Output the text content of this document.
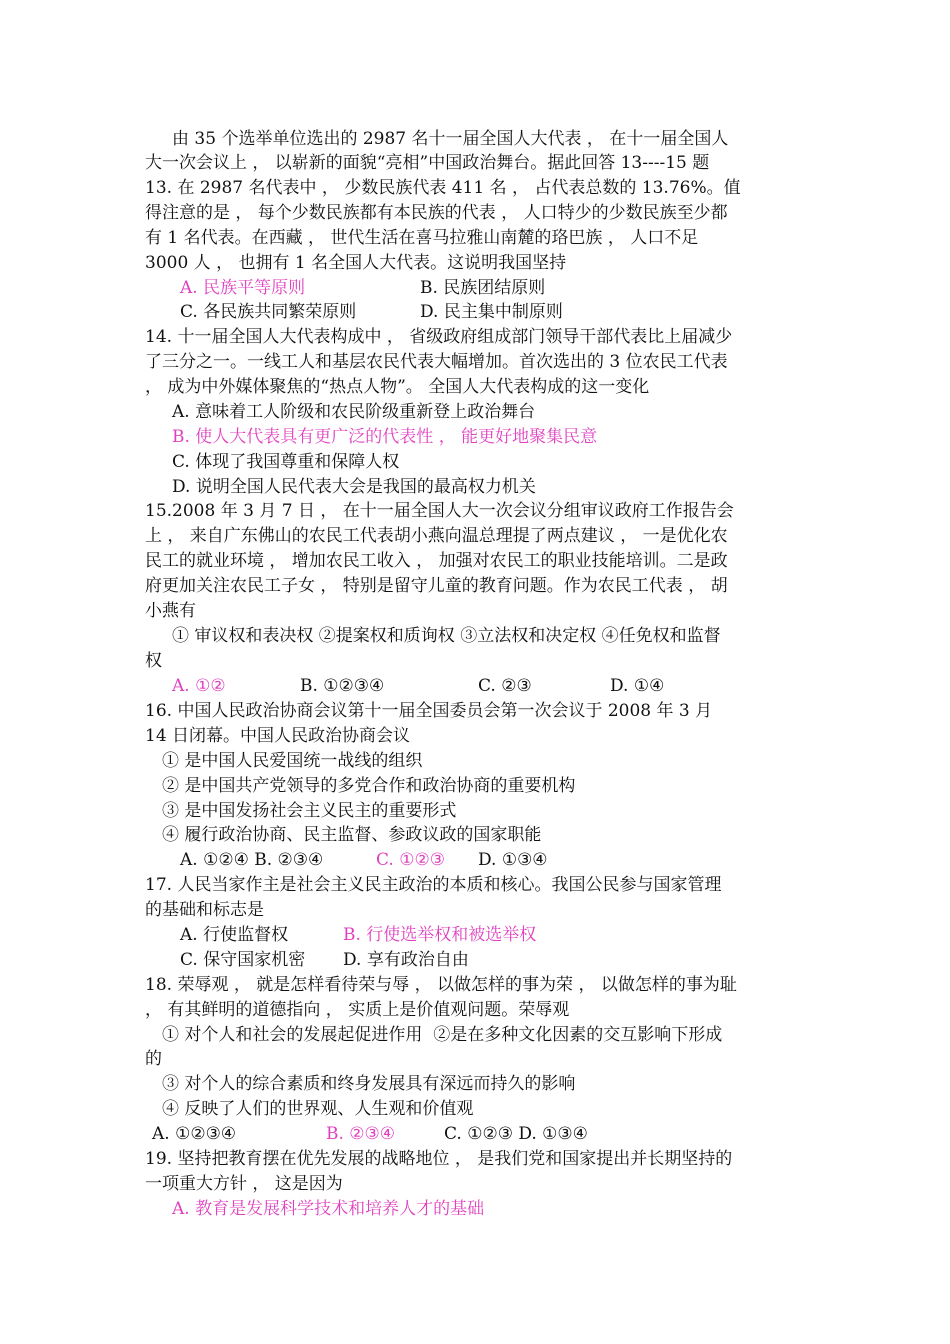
由 35 个选举单位选出的 2987 名十一届全国人大代表 ， 在十一届全国人
大一次会议上 ， 以崭新的面貌“亮相”中国政治舞台。据此回答 13----15 题
13. 在 2987 名代表中 ， 少数民族代表 411 名 ， 占代表总数的 13.76%。值
得注意的是 ， 每个少数民族都有本民族的代表 ， 人口特少的少数民族至少都
有 1 名代表。在西藏 ， 世代生活在喜马拉雅山南麓的珞巴族 ， 人口不足
3000 人 ， 也拥有 1 名全国人大代表。这说明我国坚持
A. 民族平等原则	B. 民族团结原则
C. 各民族共同繁荣原则	D. 民主集中制原则
14. 十一届全国人大代表构成中 ， 省级政府组成部门领导干部代表比上届减少
了三分之一。一线工人和基层农民代表大幅增加。首次选出的 3 位农民工代表
， 成为中外媒体聚焦的“热点人物”。 全国人大代表构成的这一变化
A. 意味着工人阶级和农民阶级重新登上政治舞台
B. 使人大代表具有更广泛的代表性 ， 能更好地聚集民意
C. 体现了我国尊重和保障人权
D. 说明全国人民代表大会是我国的最高权力机关
15.2008 年 3 月 7 日 ， 在十一届全国人大一次会议分组审议政府工作报告会
上 ， 来自广东佛山的农民工代表胡小燕向温总理提了两点建议 ， 一是优化农
民工的就业环境 ， 增加农民工收入 ， 加强对农民工的职业技能培训。二是政
府更加关注农民工子女 ， 特别是留守儿童的教育问题。作为农民工代表 ， 胡
小燕有
① 审议权和表决权 ②提案权和质询权 ③立法权和决定权 ④任免权和监督
权
A. ①②	B. ①②③④	C. ②③	D. ①④
16. 中国人民政治协商会议第十一届全国委员会第一次会议于 2008 年 3 月
14 日闭幕。中国人民政治协商会议
① 是中国人民爱国统一战线的组织
② 是中国共产党领导的多党合作和政治协商的重要机构
③ 是中国发扬社会主义民主的重要形式
④ 履行政治协商、民主监督、参政议政的国家职能
A. ①②④ B. ②③④	C. ①②③ D. ①③④
17. 人民当家作主是社会主义民主政治的本质和核心。我国公民参与国家管理
的基础和标志是
A. 行使监督权	B. 行使选举权和被选举权
C. 保守国家机密 D. 享有政治自由
18. 荣辱观 ， 就是怎样看待荣与辱 ， 以做怎样的事为荣 ， 以做怎样的事为耻
， 有其鲜明的道德指向 ， 实质上是价值观问题。荣辱观
① 对个人和社会的发展起促进作用  ②是在多种文化因素的交互影响下形成
的
③ 对个人的综合素质和终身发展具有深远而持久的影响
④ 反映了人们的世界观、人生观和价值观
A. ①②③④	B. ②③④	C. ①②③ D. ①③④
19. 坚持把教育摆在优先发展的战略地位 ， 是我们党和国家提出并长期坚持的
一项重大方针 ， 这是因为
A. 教育是发展科学技术和培养人才的基础
